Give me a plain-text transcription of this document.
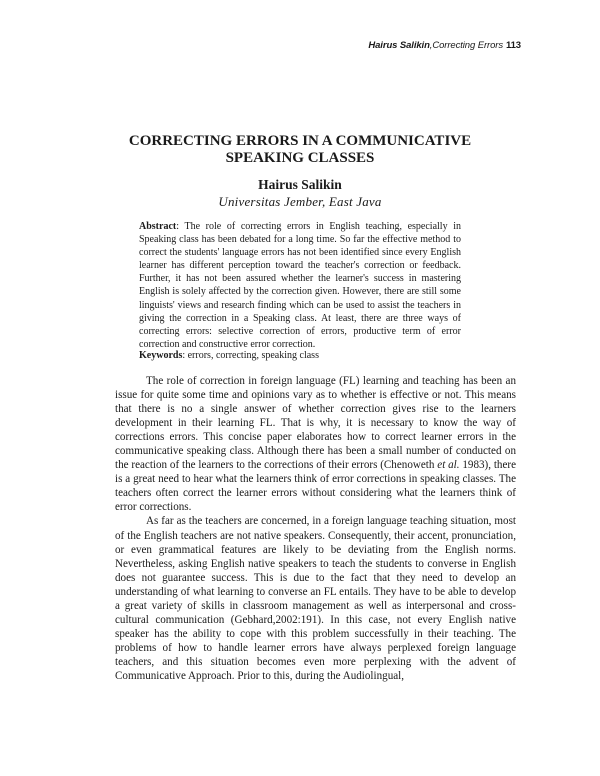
Hairus Salikin,Correcting Errors 113
CORRECTING ERRORS IN A COMMUNICATIVE SPEAKING CLASSES
Hairus Salikin
Universitas Jember, East Java

Abstract: The role of correcting errors in English teaching, especially in Speaking class has been debated for a long time. So far the effective method to correct the students' language errors has not been identified since every English learner has different perception toward the teacher's correction or feedback. Further, it has not been assured whether the learner's success in mastering English is solely affected by the correction given. However, there are still some linguists' views and research finding which can be used to assist the teachers in giving the correction in a Speaking class. At least, there are three ways of correcting errors: selective correction of errors, productive term of error correction and constructive error correction.

Keywords: errors, correcting, speaking class

The role of correction in foreign language (FL) learning and teaching has been an issue for quite some time and opinions vary as to whether is effective or not. This means that there is no a single answer of whether correction gives rise to the learners development in their learning FL. That is why, it is necessary to know the way of corrections errors. This concise paper elaborates how to correct learner errors in the communicative speaking class. Although there has been a small number of conducted on the reaction of the learners to the corrections of their errors (Chenoweth et al. 1983), there is a great need to hear what the learners think of error corrections in speaking classes. The teachers often correct the learner errors without considering what the learners think of error corrections.

As far as the teachers are concerned, in a foreign language teaching situation, most of the English teachers are not native speakers. Consequently, their accent, pronunciation, or even grammatical features are likely to be deviating from the English norms. Nevertheless, asking English native speakers to teach the students to converse in English does not guarantee success. This is due to the fact that they need to develop an understanding of what learning to converse an FL entails. They have to be able to develop a great variety of skills in classroom management as well as interpersonal and cross-cultural communication (Gebhard,2002:191). In this case, not every English native speaker has the ability to cope with this problem successfully in their teaching. The problems of how to handle learner errors have always perplexed foreign language teachers, and this situation becomes even more perplexing with the advent of Communicative Approach. Prior to this, during the Audiolingual,
